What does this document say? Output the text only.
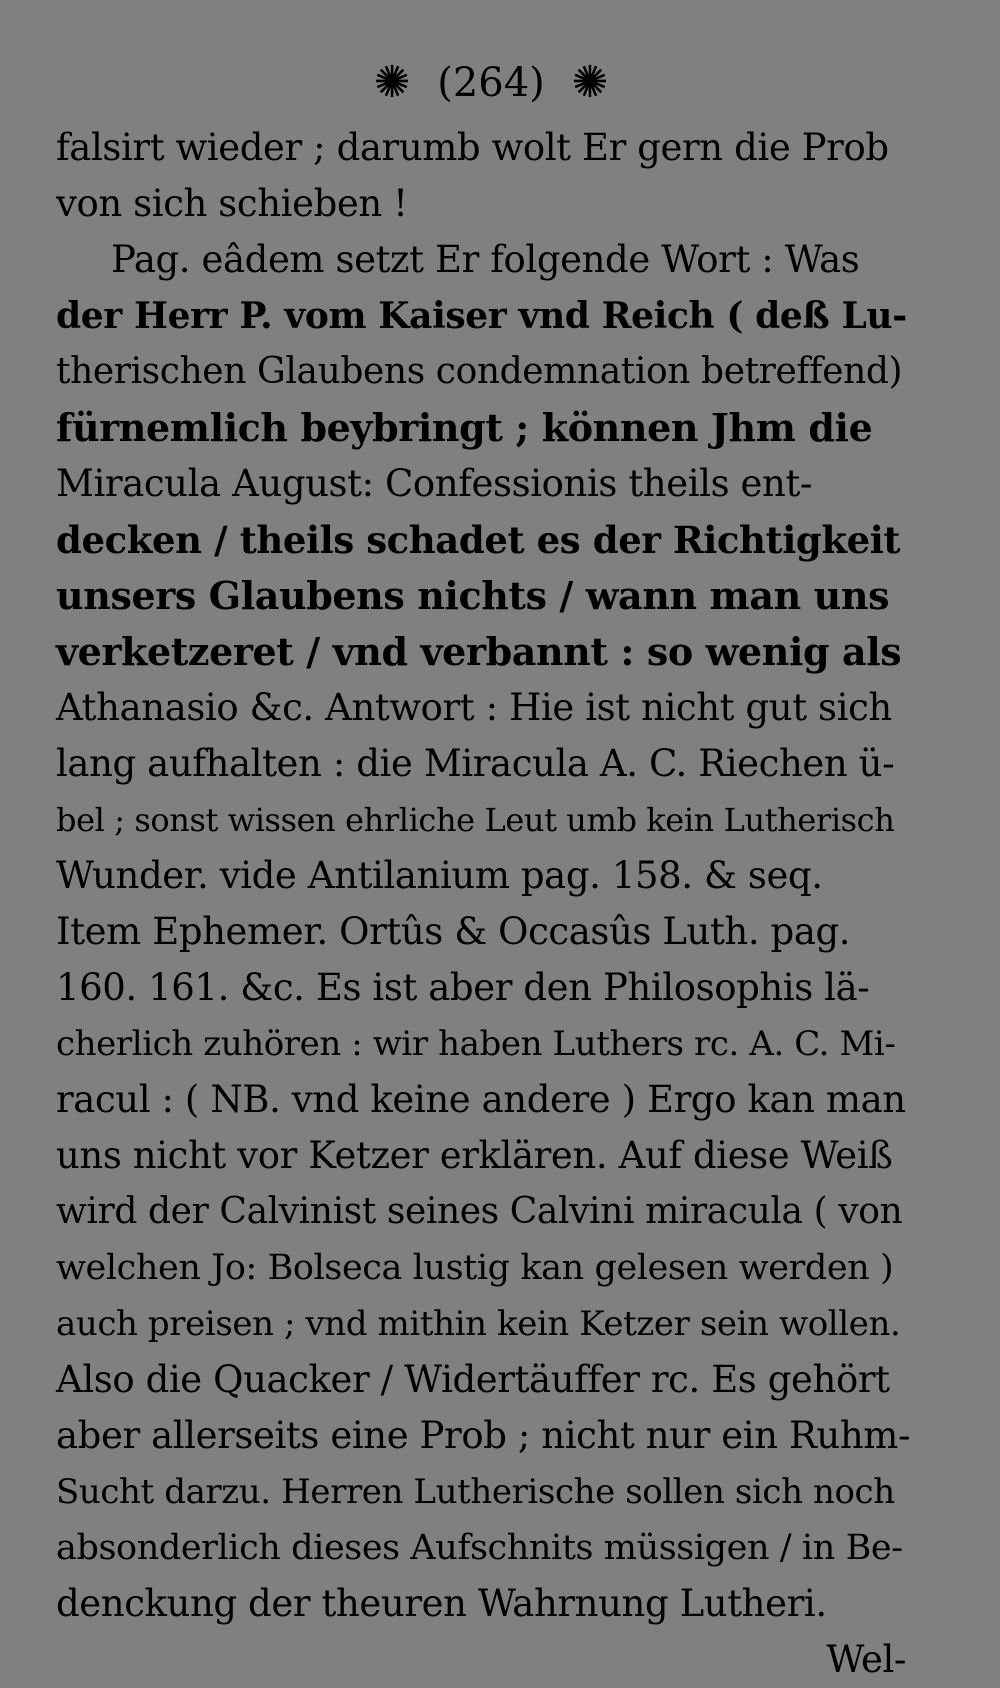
✺ (264) ✺
falsirt wieder ; darumb wolt Er gern die Prob
von sich schieben !
Pag. eâdem setzt Er folgende Wort : Was
der Herr P. vom Kaiser vnd Reich ( deß Lu-
therischen Glaubens condemnation betreffend)
fürnemlich beybringt ; können Jhm die
Miracula August: Confessionis theils ent-
decken / theils schadet es der Richtigkeit
unsers Glaubens nichts / wann man uns
verketzeret / vnd verbannt : so wenig als
Athanasio &c. Antwort : Hie ist nicht gut sich
lang aufhalten : die Miracula A. C. Riechen ü-
bel ; sonst wissen ehrliche Leut umb kein Lutherisch
Wunder. vide Antilanium pag. 158. & seq.
Item Ephemer. Ortûs & Occasûs Luth. pag.
160. 161. &c. Es ist aber den Philosophis lä-
cherlich zuhören : wir haben Luthers rc. A. C. Mi-
racul : ( NB. vnd keine andere ) Ergo kan man
uns nicht vor Ketzer erklären. Auf diese Weiß
wird der Calvinist seines Calvini miracula ( von
welchen Jo: Bolseca lustig kan gelesen werden )
auch preisen ; vnd mithin kein Ketzer sein wollen.
Also die Quacker / Widertäuffer rc. Es gehört
aber allerseits eine Prob ; nicht nur ein Ruhm-
Sucht darzu. Herren Lutherische sollen sich noch
absonderlich dieses Aufschnits müssigen / in Be-
denckung der theuren Wahrnung Lutheri.
Wel-
